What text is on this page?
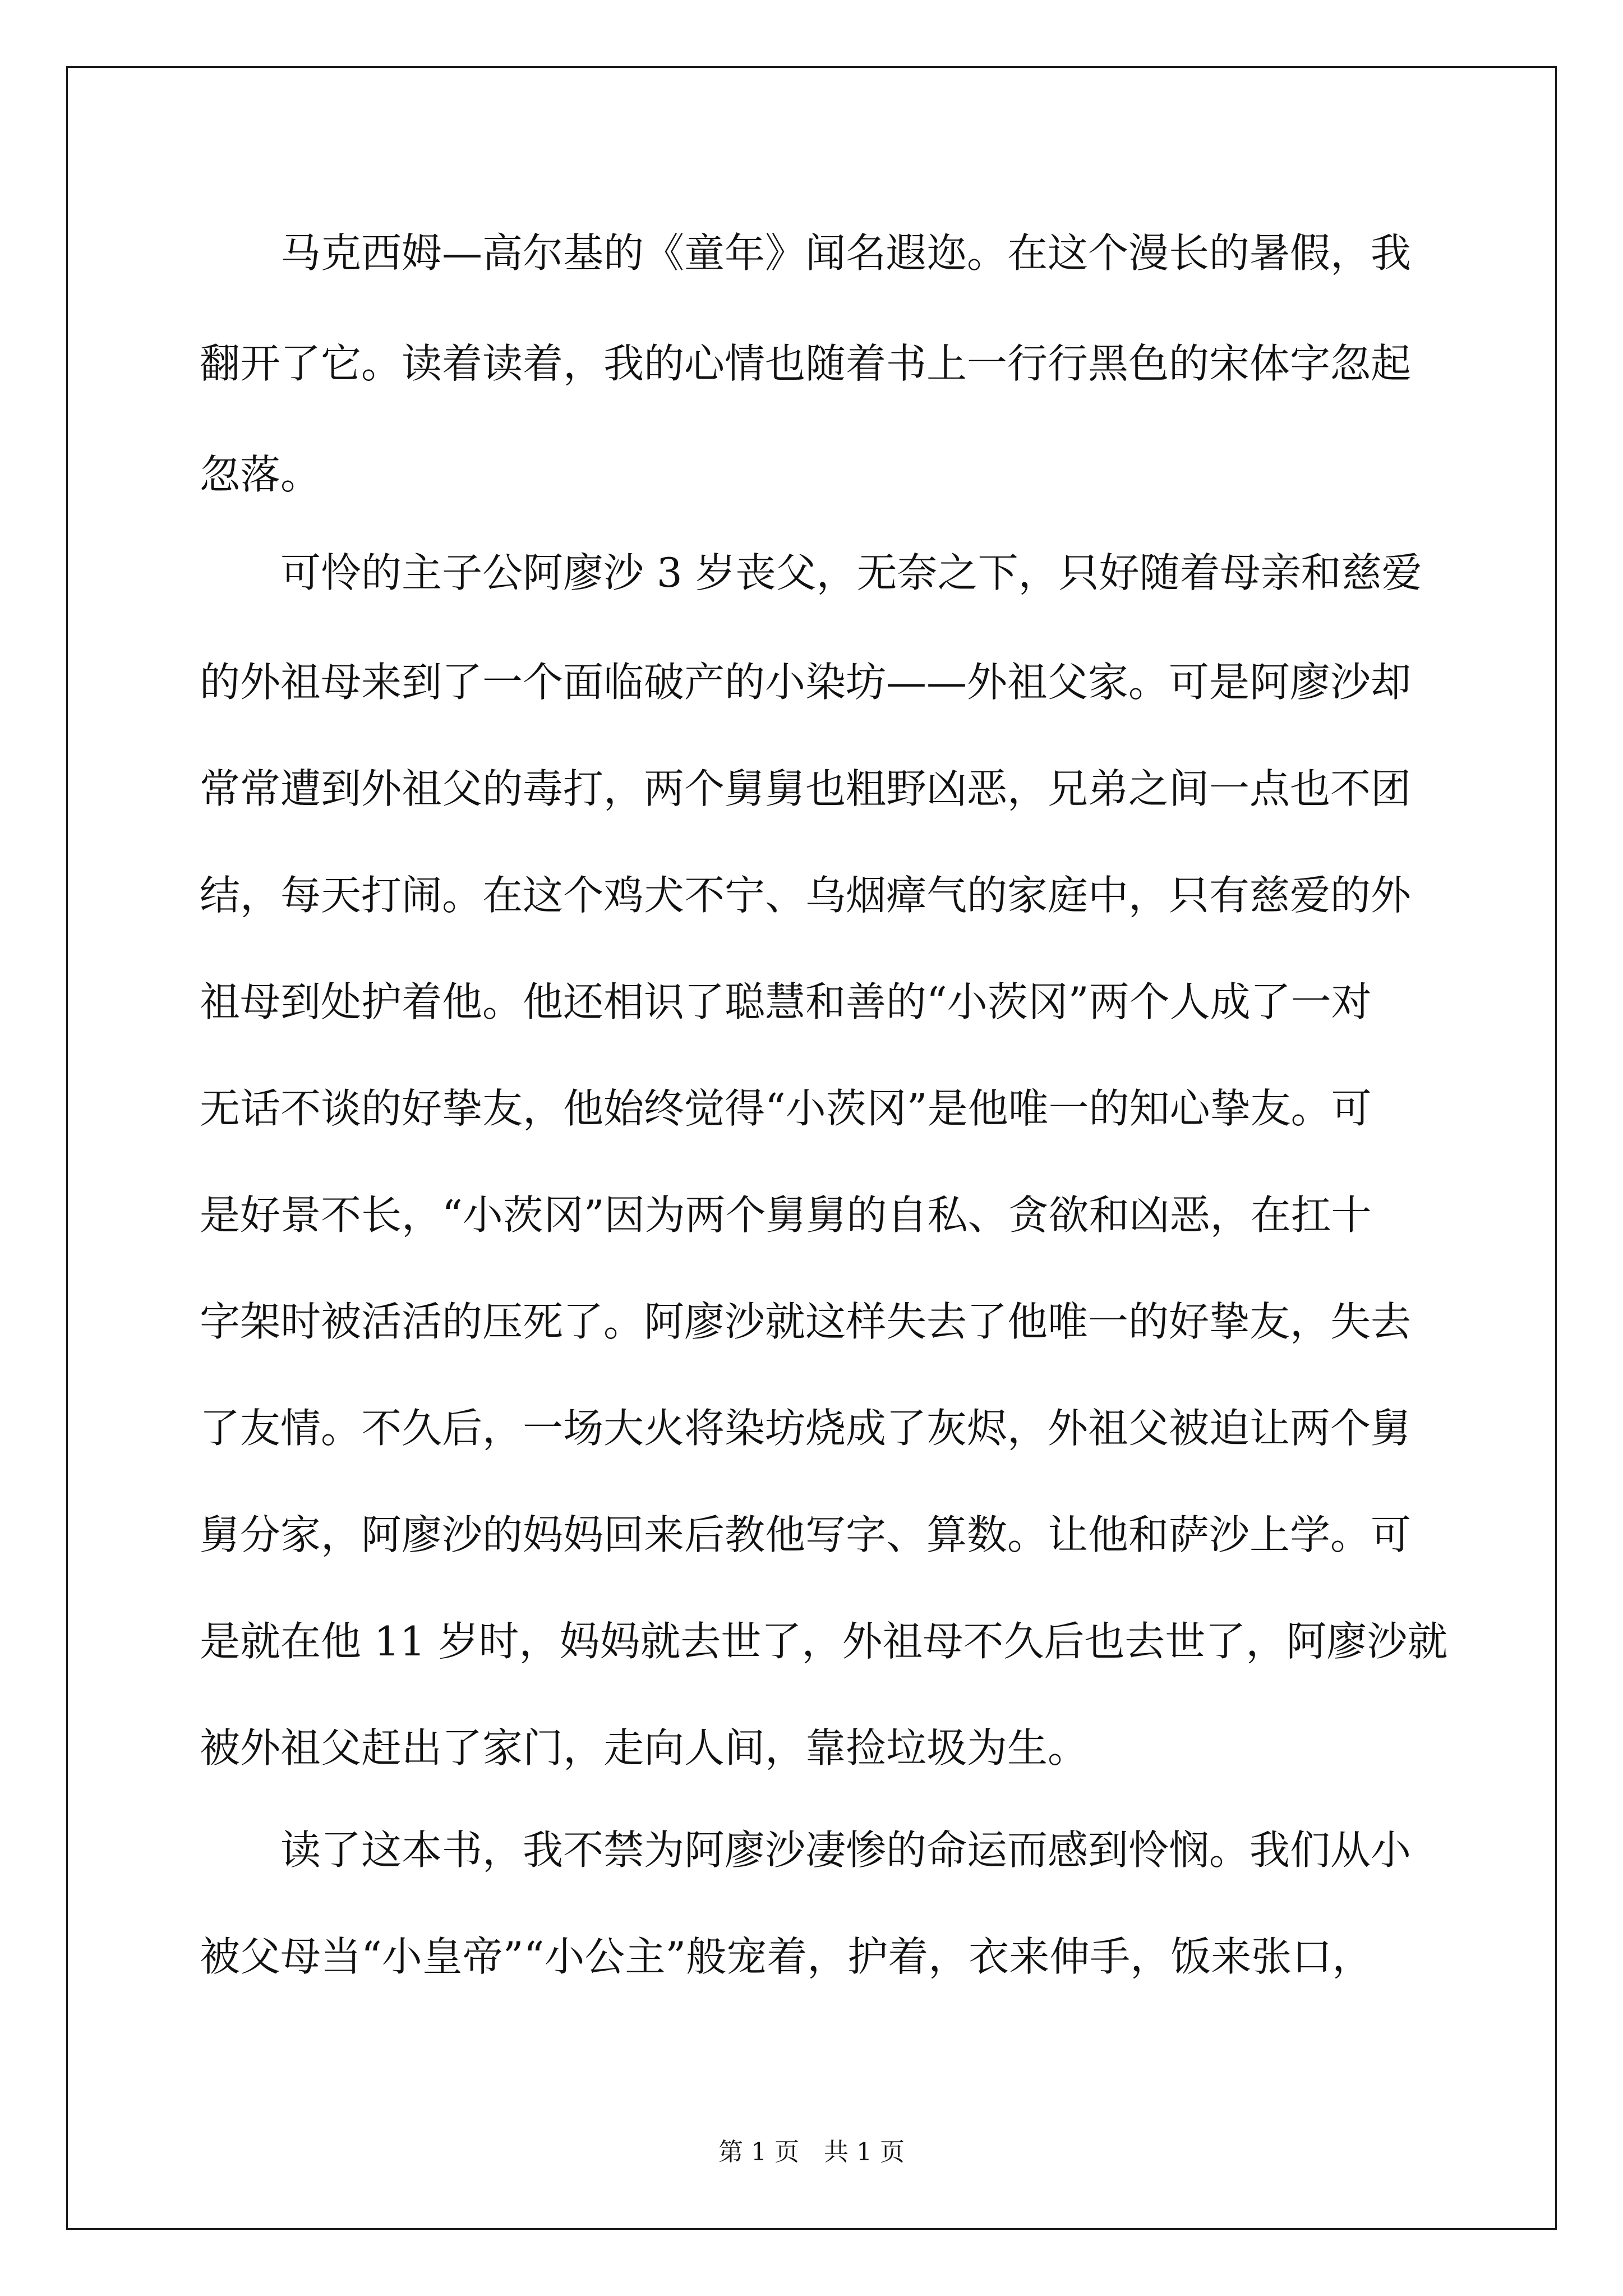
　　马克西姆—高尔基的《童年》闻名遐迩。在这个漫长的暑假，我
翻开了它。读着读着，我的心情也随着书上一行行黑色的宋体字忽起
忽落。
　　可怜的主子公阿廖沙 3 岁丧父，无奈之下，只好随着母亲和慈爱
的外祖母来到了一个面临破产的小染坊——外祖父家。可是阿廖沙却
常常遭到外祖父的毒打，两个舅舅也粗野凶恶，兄弟之间一点也不团
结，每天打闹。在这个鸡犬不宁、乌烟瘴气的家庭中，只有慈爱的外
祖母到处护着他。他还相识了聪慧和善的“小茨冈”两个人成了一对
无话不谈的好挚友，他始终觉得“小茨冈”是他唯一的知心挚友。可
是好景不长，“小茨冈”因为两个舅舅的自私、贪欲和凶恶，在扛十
字架时被活活的压死了。阿廖沙就这样失去了他唯一的好挚友，失去
了友情。不久后，一场大火将染坊烧成了灰烬，外祖父被迫让两个舅
舅分家，阿廖沙的妈妈回来后教他写字、算数。让他和萨沙上学。可
是就在他 11 岁时，妈妈就去世了，外祖母不久后也去世了，阿廖沙就
被外祖父赶出了家门，走向人间，靠捡垃圾为生。
　　读了这本书，我不禁为阿廖沙凄惨的命运而感到怜悯。我们从小
被父母当“小皇帝”“小公主”般宠着，护着，衣来伸手，饭来张口，
第 1 页　共 1 页
